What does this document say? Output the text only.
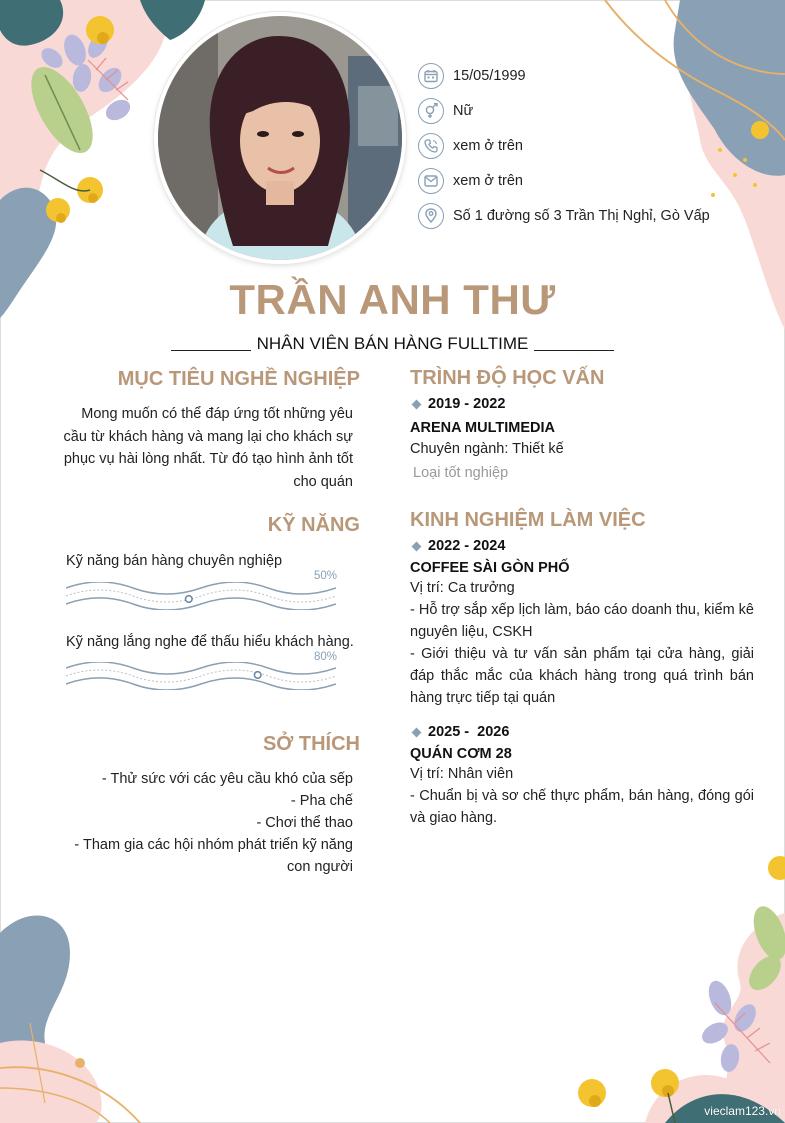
15/05/1999
Nữ
xem ở trên
xem ở trên
Số 1 đường số 3 Trần Thị Nghỉ, Gò Vấp
TRẦN ANH THƯ
NHÂN VIÊN BÁN HÀNG FULLTIME
MỤC TIÊU NGHỀ NGHIỆP
Mong muốn có thể đáp ứng tốt những yêu cầu từ khách hàng và mang lại cho khách sự phục vụ hài lòng nhất. Từ đó tạo hình ảnh tốt cho quán
KỸ NĂNG
Kỹ năng bán hàng chuyên nghiệp
50%
Kỹ năng lắng nghe để thấu hiểu khách hàng.
80%
SỞ THÍCH
- Thử sức với các yêu cầu khó của sếp
- Pha chế
- Chơi thể thao
- Tham gia các hội nhóm phát triển kỹ năng con người
TRÌNH ĐỘ HỌC VẤN
2019 - 2022
ARENA MULTIMEDIA
Chuyên ngành: Thiết kế
Loại tốt nghiệp
KINH NGHIỆM LÀM VIỆC
2022 - 2024
COFFEE SÀI GÒN PHỐ
Vị trí: Ca trưởng
- Hỗ trợ sắp xếp lịch làm, báo cáo doanh thu, kiểm kê nguyên liệu, CSKH
- Giới thiệu và tư vấn sản phẩm tại cửa hàng, giải đáp thắc mắc của khách hàng trong quá trình bán hàng trực tiếp tại quán
2025 -  2026
QUÁN CƠM 28
Vị trí: Nhân viên
- Chuẩn bị và sơ chế thực phẩm, bán hàng, đóng gói và giao hàng.
vieclam123.vn
